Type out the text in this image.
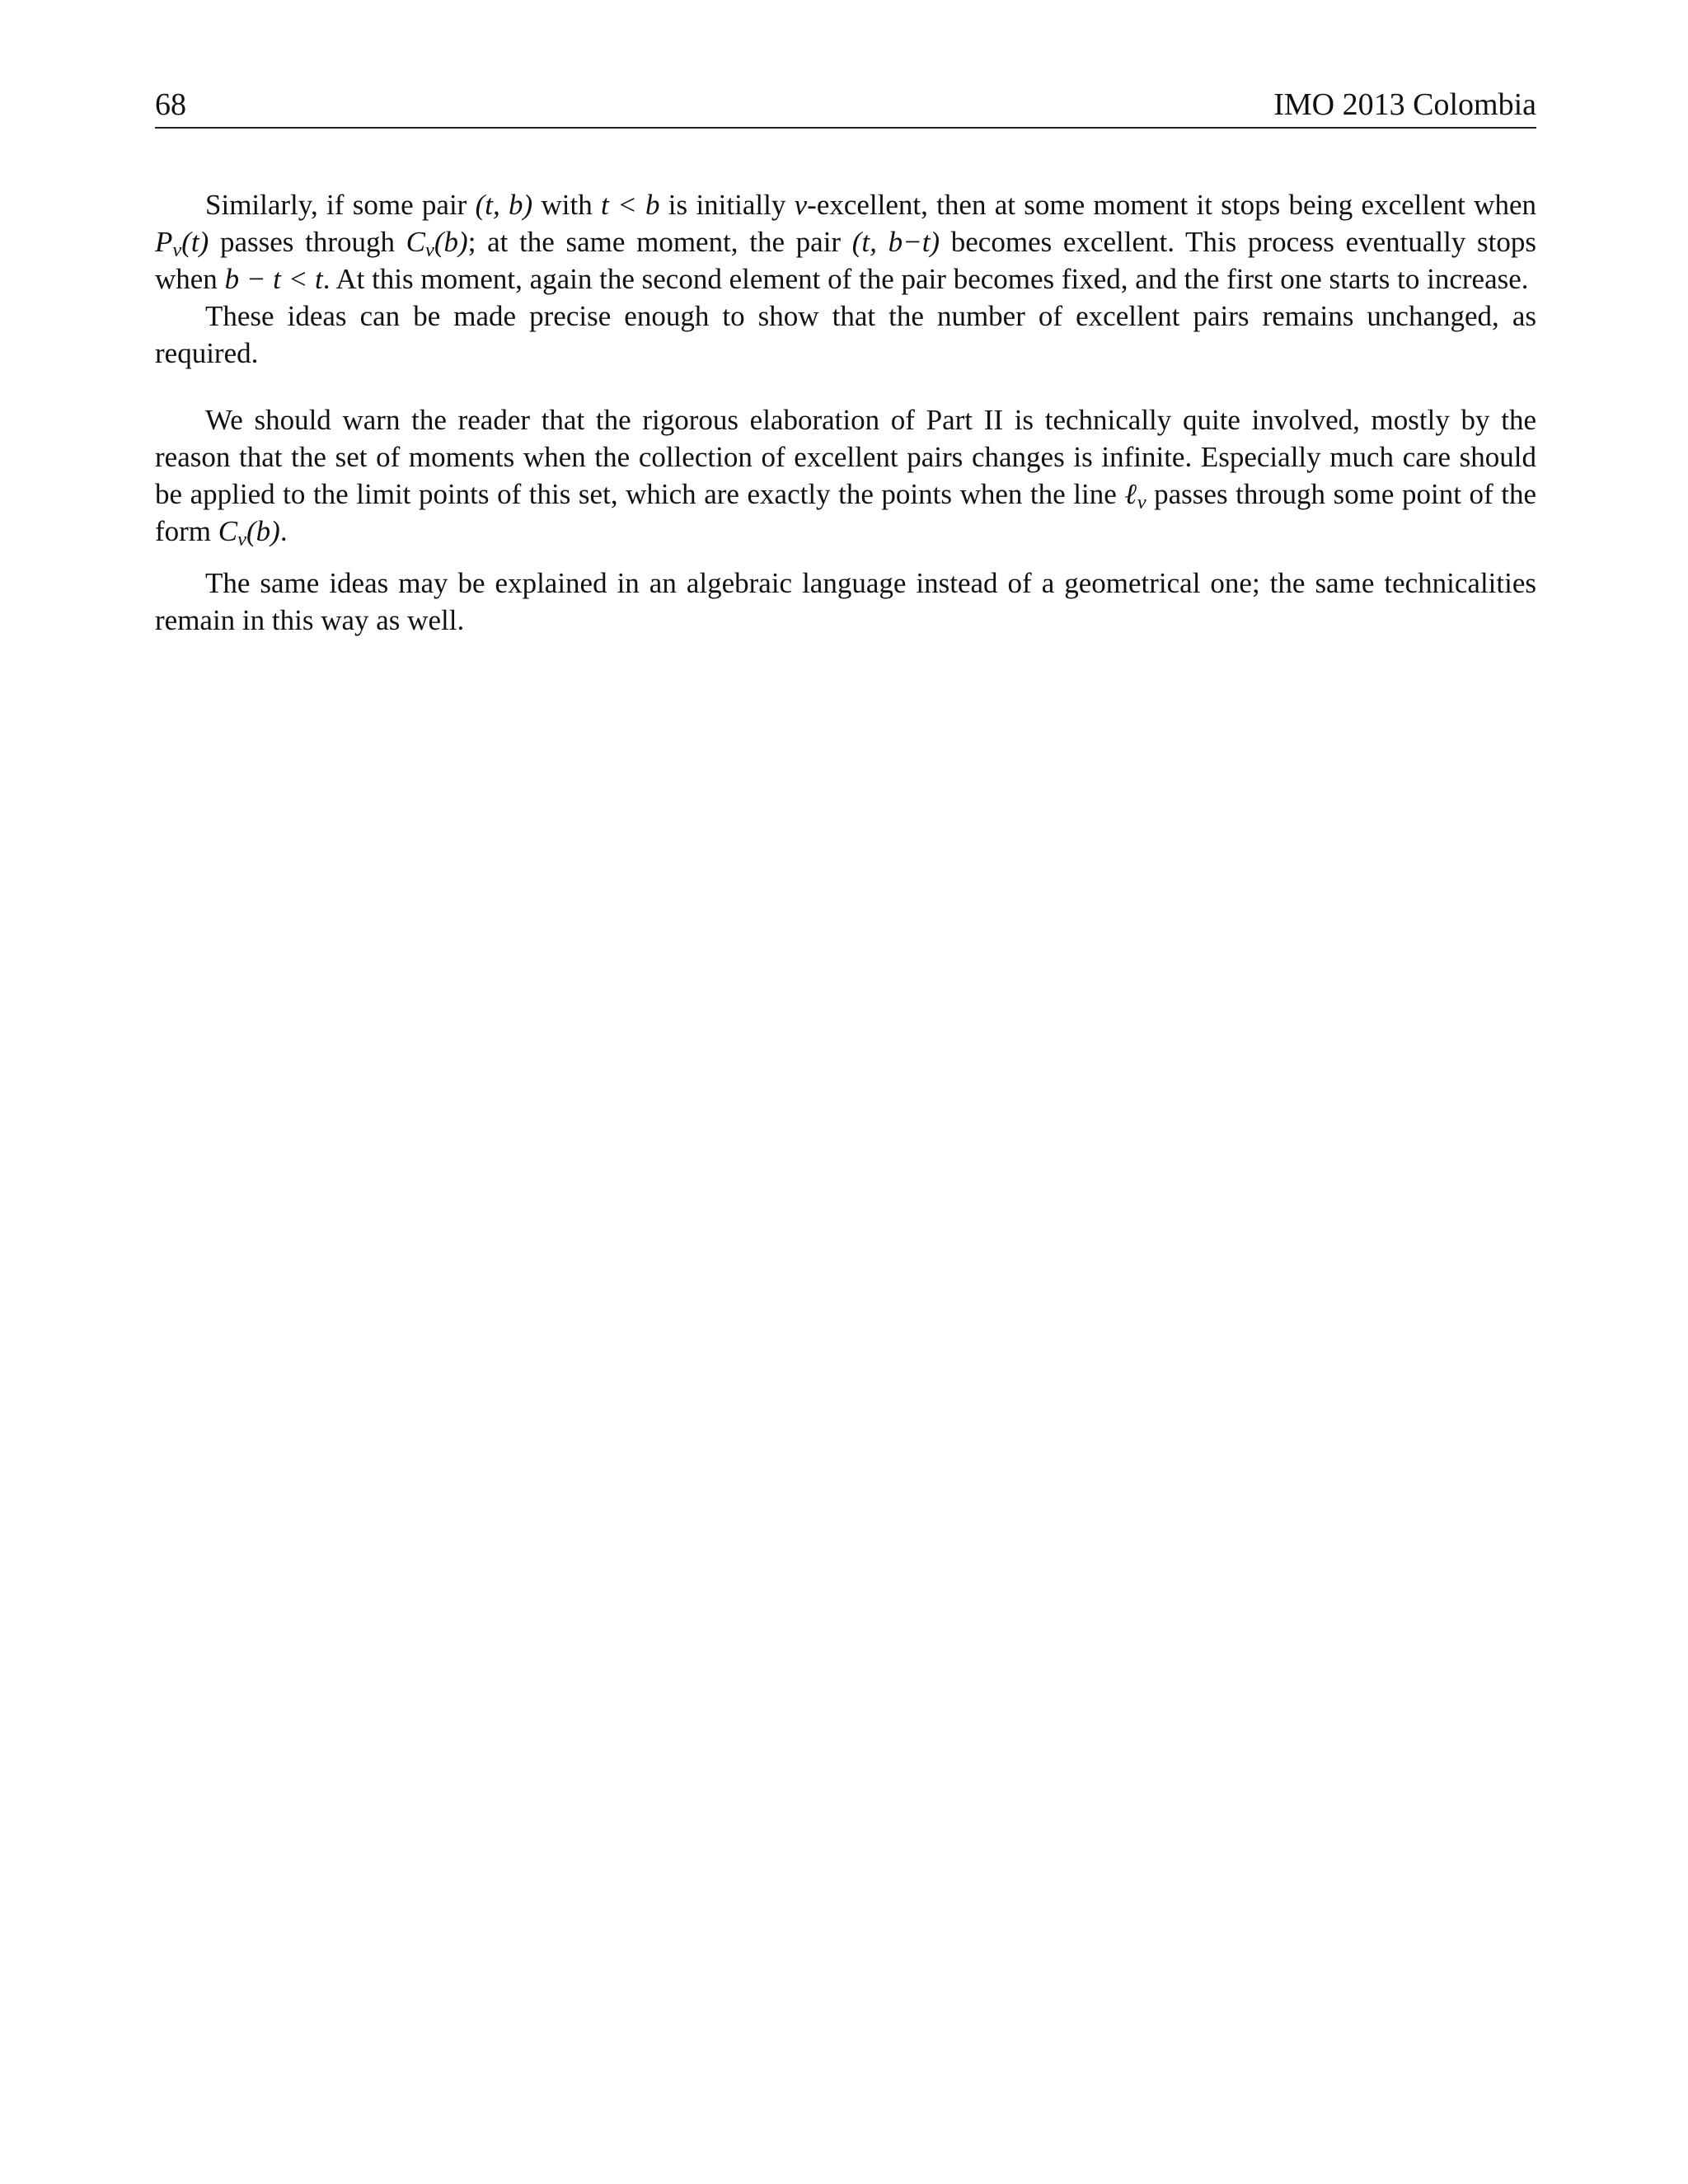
68	IMO 2013 Colombia

Similarly, if some pair (t, b) with t < b is initially ν-excellent, then at some moment it stops being excellent when $P_\nu(t)$ passes through $C_\nu(b)$; at the same moment, the pair (t, b−t) becomes excellent. This process eventually stops when b − t < t. At this moment, again the second element of the pair becomes fixed, and the first one starts to increase.

These ideas can be made precise enough to show that the number of excellent pairs remains unchanged, as required.

We should warn the reader that the rigorous elaboration of Part II is technically quite involved, mostly by the reason that the set of moments when the collection of excellent pairs changes is infinite. Especially much care should be applied to the limit points of this set, which are exactly the points when the line ℓ$_\nu$ passes through some point of the form $C_\nu(b)$.

The same ideas may be explained in an algebraic language instead of a geometrical one; the same technicalities remain in this way as well.
